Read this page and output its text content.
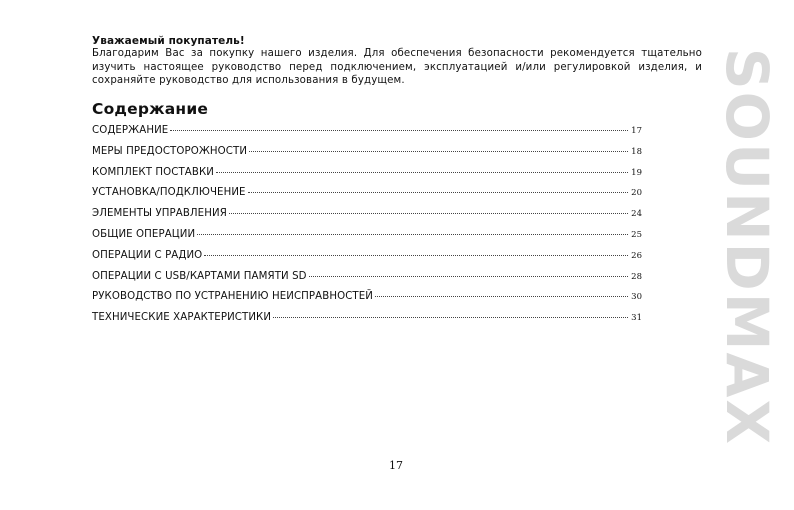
Уважаемый покупатель!
Благодарим Вас за покупку нашего изделия. Для обеспечения безопасности рекомендуется тщательно изучить настоящее руководство перед подключением, эксплуатацией и/или регулировкой изделия, и сохраняйте руководство для использования в будущем.
Содержание
СОДЕРЖАНИЕ	17
МЕРЫ ПРЕДОСТОРОЖНОСТИ	18
КОМПЛЕКТ ПОСТАВКИ	19
УСТАНОВКА/ПОДКЛЮЧЕНИЕ	20
ЭЛЕМЕНТЫ УПРАВЛЕНИЯ	24
ОБЩИЕ ОПЕРАЦИИ	25
ОПЕРАЦИИ С РАДИО	26
ОПЕРАЦИИ С USB/КАРТАМИ ПАМЯТИ SD	28
РУКОВОДСТВО ПО УСТРАНЕНИЮ НЕИСПРАВНОСТЕЙ	30
ТЕХНИЧЕСКИЕ ХАРАКТЕРИСТИКИ	31
17
SOUNDMAX
